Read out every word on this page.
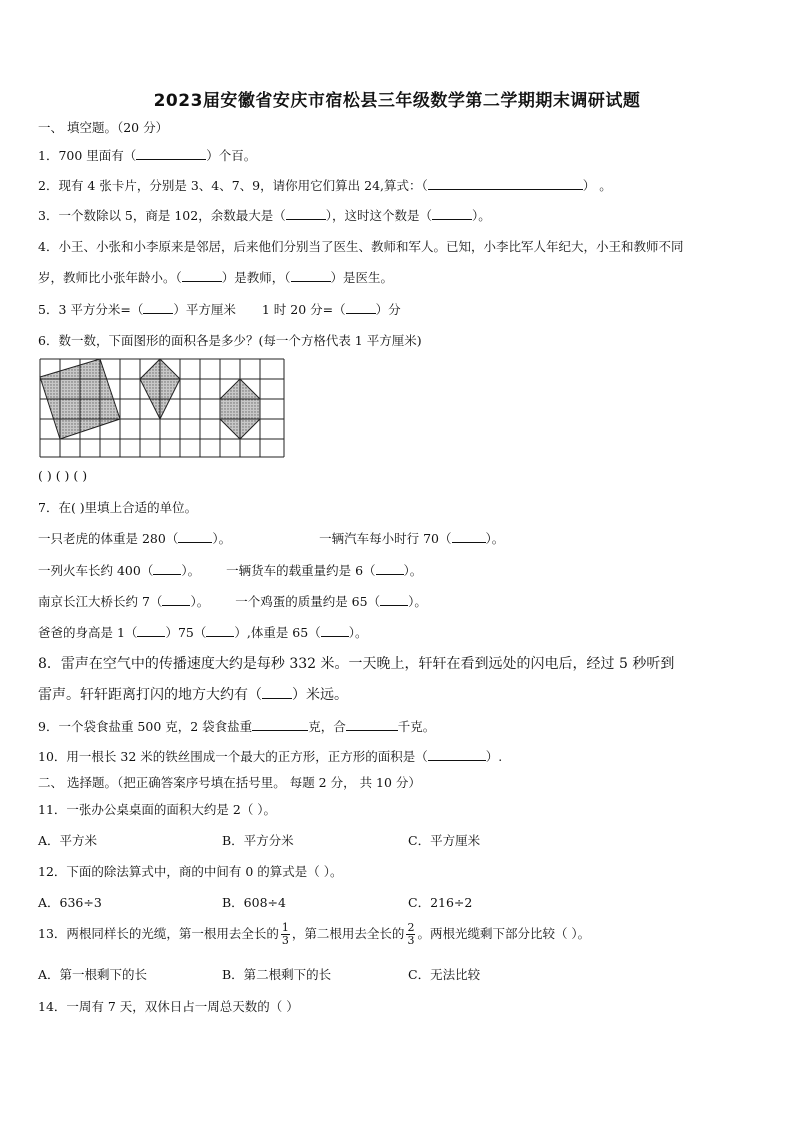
2023届安徽省安庆市宿松县三年级数学第二学期期末调研试题
一、 填空题。（20 分）
1．700 里面有（	）个百。
2．现有 4 张卡片，分别是 3、4、7、9，请你用它们算出 24,算式：（	） 。
3．一个数除以 5，商是 102，余数最大是（	），这时这个数是（	）。
4．小王、小张和小李原来是邻居，后来他们分别当了医生、教师和军人。已知，小李比军人年纪大，小王和教师不同
岁，教师比小张年龄小。（	）是教师，（	）是医生。
5．3 平方分米=（ ）平方厘米 1 时 20 分=（ ）分
6．数一数，下面图形的面积各是多少？(每一个方格代表 1 平方厘米)
( ) ( ) ( )
7．在( )里填上合适的单位。
一只老虎的体重是 280（	）。	一辆汽车每小时行 70（	）。
一列火车长约 400（ ）。 一辆货车的载重量约是 6（ ）。
南京长江大桥长约 7（ ）。 一个鸡蛋的质量约是 65（ ）。
爸爸的身高是 1（ ）75（ ）,体重是 65（ ）。
8．雷声在空气中的传播速度大约是每秒 332 米。一天晚上，轩轩在看到远处的闪电后，经过 5 秒听到
雷声。轩轩距离打闪的地方大约有（ ）米远。
9．一个袋食盐重 500 克，2 袋食盐重	克，合	千克。
10．用一根长 32 米的铁丝围成一个最大的正方形，正方形的面积是（	）.
二、 选择题。（把正确答案序号填在括号里。 每题 2 分， 共 10 分）
11．一张办公桌桌面的面积大约是 2（ ）。
A．平方米	B．平方分米	C．平方厘米
12．下面的除法算式中，商的中间有 0 的算式是（ ）。
A．636÷3	B．608÷4	C．216÷2
13．两根同样长的光缆，第一根用去全长的 $\frac{1}{3}$ ，第二根用去全长的 $\frac{2}{3}$ 。两根光缆剩下部分比较（ ）。
A．第一根剩下的长	B．第二根剩下的长	C．无法比较
14．一周有 7 天，双休日占一周总天数的（ ）
